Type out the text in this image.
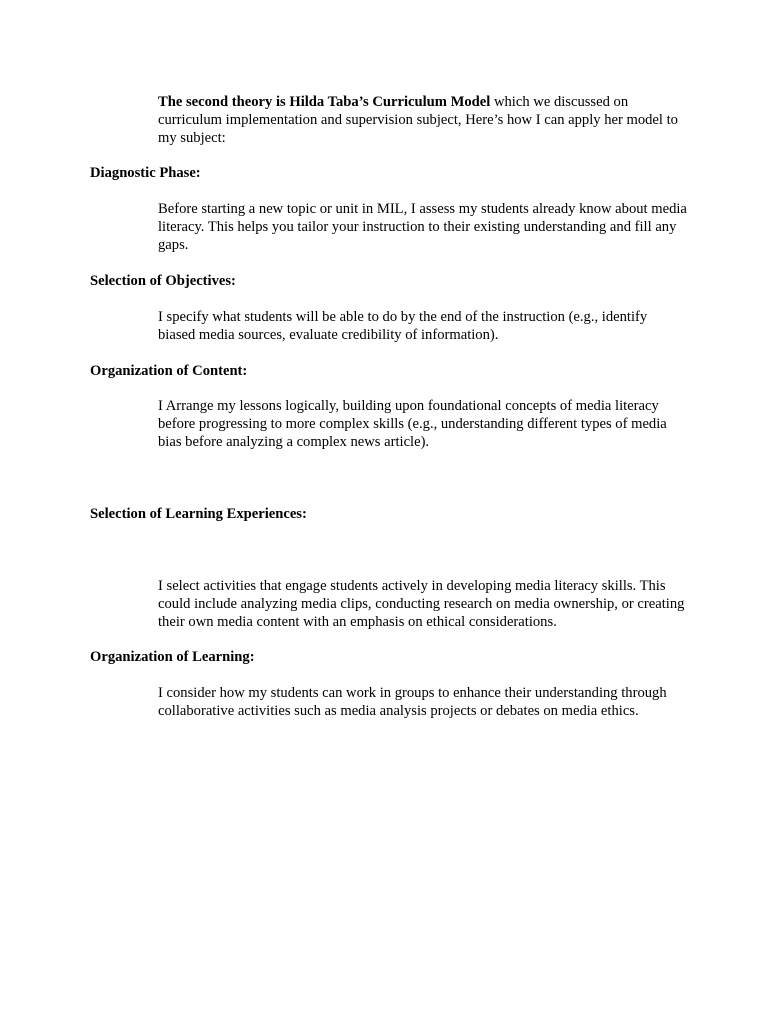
The second theory is Hilda Taba’s Curriculum Model which we discussed on curriculum implementation and supervision subject, Here’s how I can apply her model to my subject:

Diagnostic Phase:

Before starting a new topic or unit in MIL, I assess my students already know about media literacy. This helps you tailor your instruction to their existing understanding and fill any gaps.

Selection of Objectives:

I specify what students will be able to do by the end of the instruction (e.g., identify biased media sources, evaluate credibility of information).

Organization of Content:

I Arrange my lessons logically, building upon foundational concepts of media literacy before progressing to more complex skills (e.g., understanding different types of media bias before analyzing a complex news article).

Selection of Learning Experiences:

I select activities that engage students actively in developing media literacy skills. This could include analyzing media clips, conducting research on media ownership, or creating their own media content with an emphasis on ethical considerations.

Organization of Learning:

I consider how my students can work in groups to enhance their understanding through collaborative activities such as media analysis projects or debates on media ethics.
